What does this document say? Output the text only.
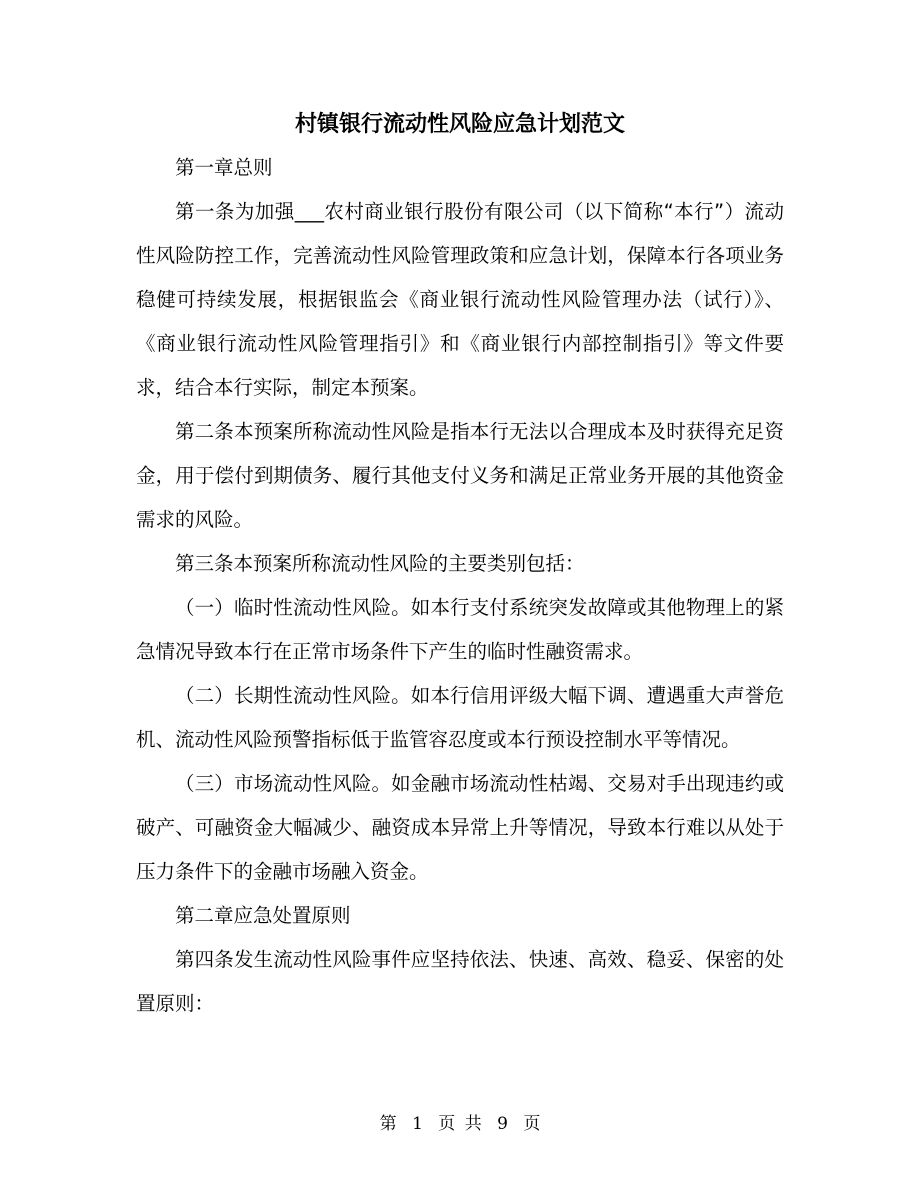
村镇银行流动性风险应急计划范文

第一章总则

第一条为加强___农村商业银行股份有限公司（以下简称“本行”）流动性风险防控工作，完善流动性风险管理政策和应急计划，保障本行各项业务稳健可持续发展，根据银监会《商业银行流动性风险管理办法（试行）》、《商业银行流动性风险管理指引》和《商业银行内部控制指引》等文件要求，结合本行实际，制定本预案。

第二条本预案所称流动性风险是指本行无法以合理成本及时获得充足资金，用于偿付到期债务、履行其他支付义务和满足正常业务开展的其他资金需求的风险。

第三条本预案所称流动性风险的主要类别包括：

（一）临时性流动性风险。如本行支付系统突发故障或其他物理上的紧急情况导致本行在正常市场条件下产生的临时性融资需求。

（二）长期性流动性风险。如本行信用评级大幅下调、遭遇重大声誉危机、流动性风险预警指标低于监管容忍度或本行预设控制水平等情况。

（三）市场流动性风险。如金融市场流动性枯竭、交易对手出现违约或破产、可融资金大幅减少、融资成本异常上升等情况，导致本行难以从处于压力条件下的金融市场融入资金。

第二章应急处置原则

第四条发生流动性风险事件应坚持依法、快速、高效、稳妥、保密的处置原则：

第 1 页 共 9 页
